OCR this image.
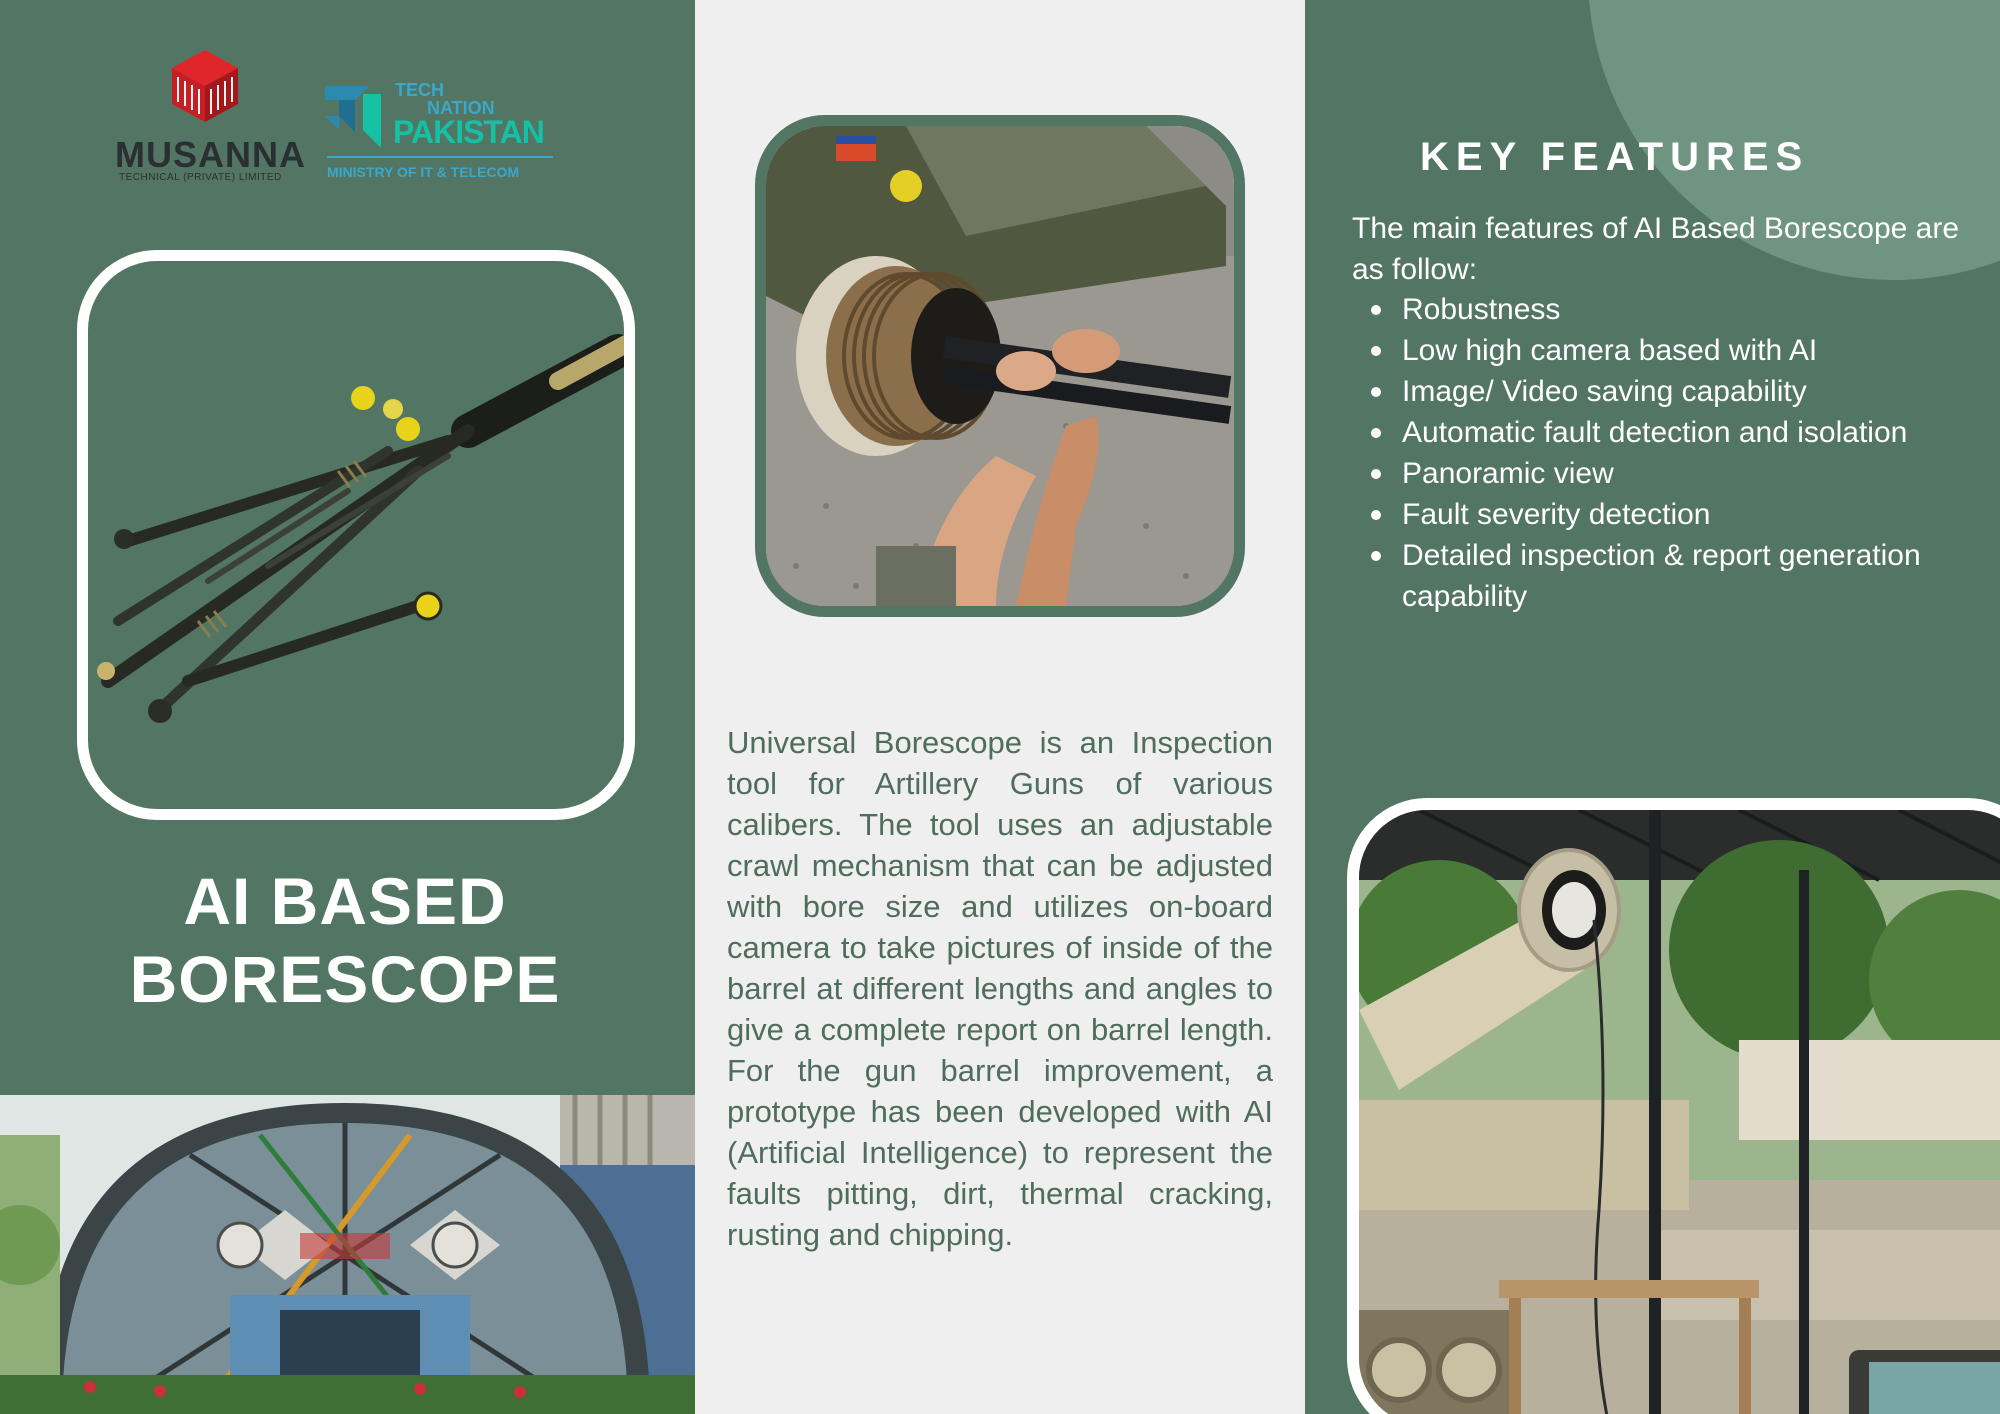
MUSANNA
TECHNICAL (PRIVATE) LIMITED
TECH
NATION
PAKISTAN
MINISTRY OF IT & TELECOM
AI BASED
BORESCOPE
Universal Borescope is an Inspection tool for Artillery Guns of various calibers. The tool uses an adjustable crawl mechanism that can be adjusted with bore size and utilizes on-board camera to take pictures of inside of the barrel at different lengths and angles to give a complete report on barrel length. For the gun barrel improvement, a prototype has been developed with AI (Artificial Intelligence) to represent the faults pitting, dirt, thermal cracking, rusting and chipping.
KEY FEATURES
The main features of AI Based Borescope are as follow:
Robustness
Low high camera based with AI
Image/ Video saving capability
Automatic fault detection and isolation
Panoramic view
Fault severity detection
Detailed inspection & report generation capability
